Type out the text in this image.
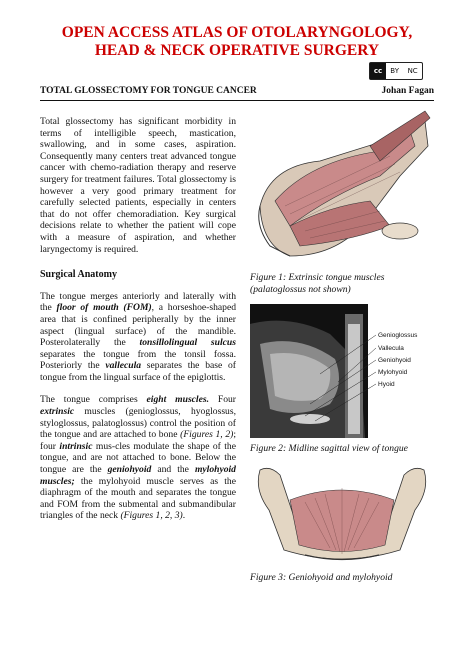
OPEN ACCESS ATLAS OF OTOLARYNGOLOGY, HEAD & NECK OPERATIVE SURGERY
cc	BY NC
TOTAL GLOSSECTOMY FOR TONGUE CANCER	Johan Fagan

Total glossectomy has significant morbidity in terms of intelligible speech, mastication, swallowing, and in some cases, aspiration. Consequently many centers treat advanced tongue cancer with chemo-radiation therapy and reserve surgery for treatment failures. Total glossectomy is however a very good primary treatment for carefully selected patients, especially in centers that do not offer chemoradiation. Key surgical decisions relate to whether the patient will cope with a measure of aspiration, and whether laryngectomy is required.

Surgical Anatomy

The tongue merges anteriorly and laterally with the floor of mouth (FOM), a horseshoe-shaped area that is confined peripherally by the inner aspect (lingual surface) of the mandible. Posterolaterally the tonsillolingual sulcus separates the tongue from the tonsil fossa. Posteriorly the vallecula separates the base of tongue from the lingual surface of the epiglottis.

The tongue comprises eight muscles. Four extrinsic muscles (genioglossus, hyoglossus, styloglossus, palatoglossus) control the position of the tongue and are attached to bone (Figures 1, 2); four intrinsic mus-cles modulate the shape of the tongue, and are not attached to bone. Below the tongue are the geniohyoid and the mylohyoid muscles; the mylohyoid muscle serves as the diaphragm of the mouth and separates the tongue and FOM from the submental and submandibular triangles of the neck (Figures 1, 2, 3).

Figure 1: Extrinsic tongue muscles (palatoglossus not shown)
Genioglossus
Vallecula
Geniohyoid
Mylohyoid
Hyoid
Figure 2: Midline sagittal view of tongue
Figure 3: Geniohyoid and mylohyoid
